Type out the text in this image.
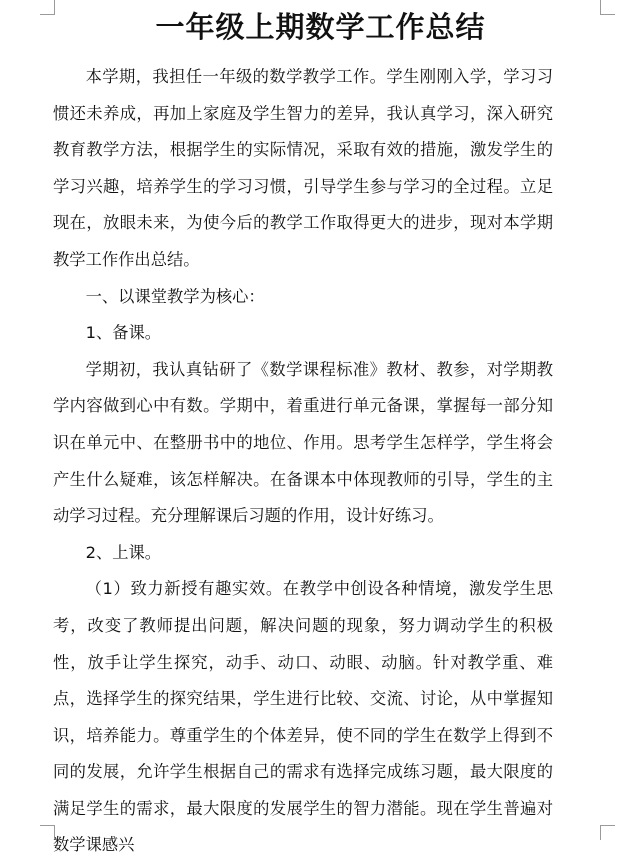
一年级上期数学工作总结

本学期，我担任一年级的数学教学工作。学生刚刚入学，学习习惯还未养成，再加上家庭及学生智力的差异，我认真学习，深入研究教育教学方法，根据学生的实际情况，采取有效的措施，激发学生的学习兴趣，培养学生的学习习惯，引导学生参与学习的全过程。立足现在，放眼未来，为使今后的教学工作取得更大的进步，现对本学期教学工作作出总结。

一、以课堂教学为核心：

1、备课。

学期初，我认真钻研了《数学课程标准》教材、教参，对学期教学内容做到心中有数。学期中，着重进行单元备课，掌握每一部分知识在单元中、在整册书中的地位、作用。思考学生怎样学，学生将会产生什么疑难，该怎样解决。在备课本中体现教师的引导，学生的主动学习过程。充分理解课后习题的作用，设计好练习。

2、上课。

（1）致力新授有趣实效。在教学中创设各种情境，激发学生思考，改变了教师提出问题，解决问题的现象，努力调动学生的积极性，放手让学生探究，动手、动口、动眼、动脑。针对教学重、难点，选择学生的探究结果，学生进行比较、交流、讨论，从中掌握知识，培养能力。尊重学生的个体差异，使不同的学生在数学上得到不同的发展，允许学生根据自己的需求有选择完成练习题，最大限度的满足学生的需求，最大限度的发展学生的智力潜能。现在学生普遍对数学课感兴
